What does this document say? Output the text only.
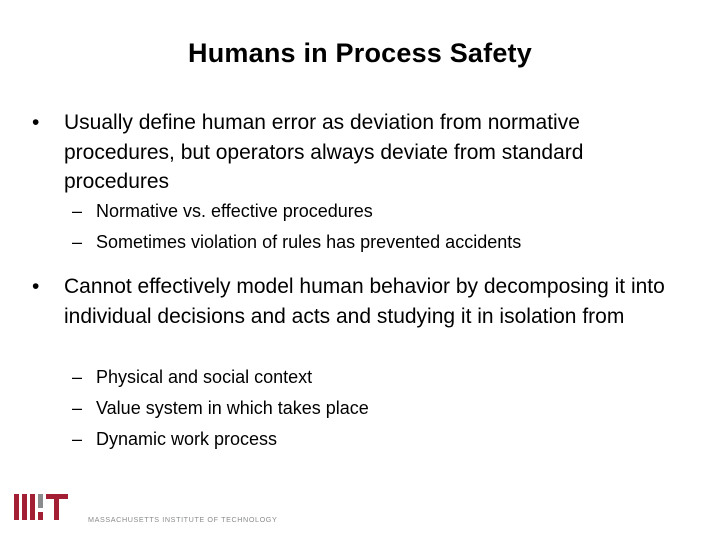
Humans in Process Safety
•	Usually define human error as deviation from normative procedures, but operators always deviate from standard procedures
– Normative vs. effective procedures
– Sometimes violation of rules has prevented accidents
•	Cannot effectively model human behavior by decomposing it into individual decisions and acts and studying it in isolation from
– Physical and social context
– Value system in which takes place
– Dynamic work process
MASSACHUSETTS INSTITUTE OF TECHNOLOGY
